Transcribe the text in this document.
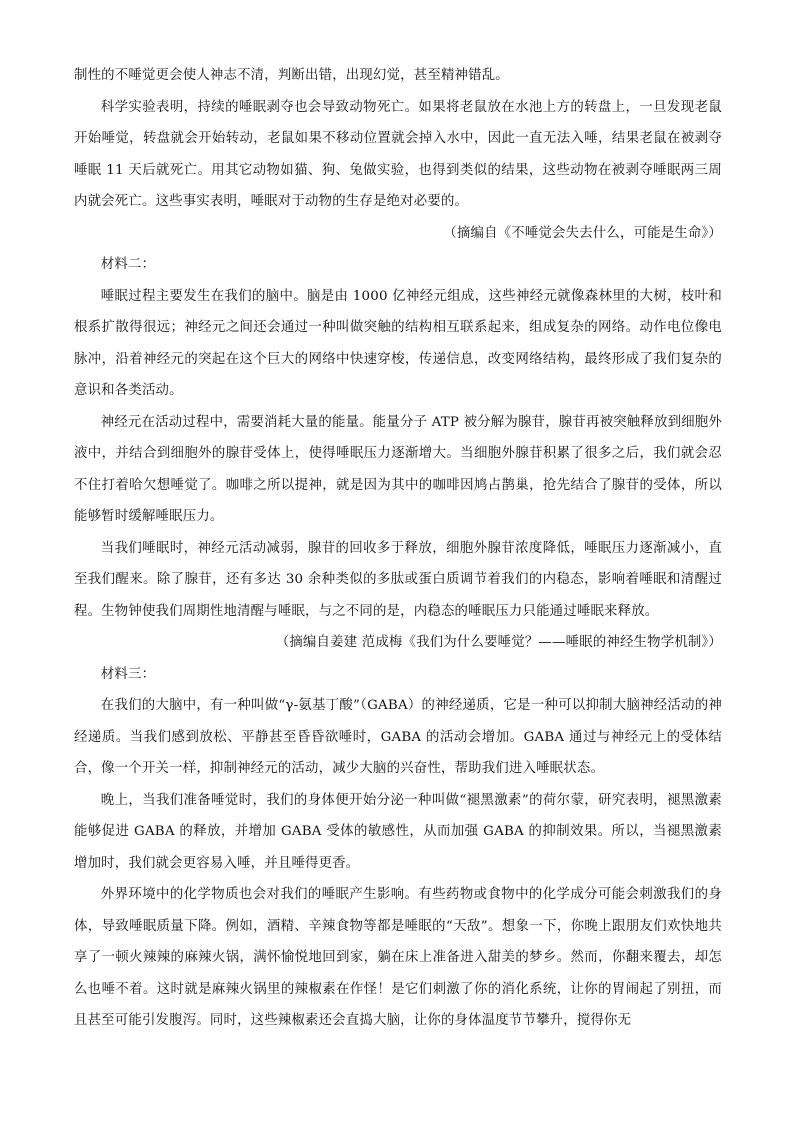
制性的不唾觉更会使人神志不清，判断出错，出现幻觉，甚至精神错乱。

科学实验表明，持续的唾眠剥夺也会导致动物死亡。如果将老鼠放在水池上方的转盘上，一旦发现老鼠开始唾觉，转盘就会开始转动，老鼠如果不移动位置就会掉入水中，因此一直无法入唾，结果老鼠在被剥夺唾眠 11 天后就死亡。用其它动物如猫、狗、兔做实验，也得到类似的结果，这些动物在被剥夺唾眠两三周内就会死亡。这些事实表明，唾眠对于动物的生存是绝对必要的。

（摘编自《不唾觉会失去什么，可能是生命》）

材料二：

唾眠过程主要发生在我们的脑中。脑是由 1000 亿神经元组成，这些神经元就像森林里的大树，枝叶和根系扩散得很远；神经元之间还会通过一种叫做突触的结构相互联系起来，组成复杂的网络。动作电位像电脉冲，沿着神经元的突起在这个巨大的网络中快速穿梭，传递信息，改变网络结构，最终形成了我们复杂的意识和各类活动。

神经元在活动过程中，需要消耗大量的能量。能量分子 ATP 被分解为腺苷，腺苷再被突触释放到细胞外液中，并结合到细胞外的腺苷受体上，使得唾眠压力逐渐增大。当细胞外腺苷积累了很多之后，我们就会忍不住打着哈欠想唾觉了。咖啡之所以提神，就是因为其中的咖啡因鸠占鹊巢，抢先结合了腺苷的受体，所以能够暂时缓解唾眠压力。

当我们唾眠时，神经元活动减弱，腺苷的回收多于释放，细胞外腺苷浓度降低，唾眠压力逐渐减小，直至我们醒来。除了腺苷，还有多达 30 余种类似的多肽或蛋白质调节着我们的内稳态，影响着唾眠和清醒过程。生物钟使我们周期性地清醒与唾眠，与之不同的是，内稳态的唾眠压力只能通过唾眠来释放。

（摘编自姜建 范成梅《我们为什么要唾觉？——唾眠的神经生物学机制》）

材料三：

在我们的大脑中，有一种叫做“γ-氨基丁酸”（GABA）的神经递质，它是一种可以抑制大脑神经活动的神经递质。当我们感到放松、平静甚至昏昏欲唾时，GABA 的活动会增加。GABA 通过与神经元上的受体结合，像一个开关一样，抑制神经元的活动，减少大脑的兴奋性，帮助我们进入唾眠状态。

晚上，当我们准备唾觉时，我们的身体便开始分泌一种叫做“褪黑激素”的荷尔蒙，研究表明，褪黑激素能够促进 GABA 的释放，并增加 GABA 受体的敏感性，从而加强 GABA 的抑制效果。所以，当褪黑激素增加时，我们就会更容易入唾，并且唾得更香。

外界环境中的化学物质也会对我们的唾眠产生影响。有些药物或食物中的化学成分可能会刺激我们的身体，导致唾眠质量下降。例如，酒精、辛辣食物等都是唾眠的“天敌”。想象一下，你晚上跟朋友们欢快地共享了一顿火辣辣的麻辣火锅，满怀愉悦地回到家，躺在床上准备进入甜美的梦乡。然而，你翻来覆去，却怎么也唾不着。这时就是麻辣火锅里的辣椒素在作怪！是它们刺激了你的消化系统，让你的胃闹起了别扭，而且甚至可能引发腹泻。同时，这些辣椒素还会直捣大脑，让你的身体温度节节攀升，搅得你无
